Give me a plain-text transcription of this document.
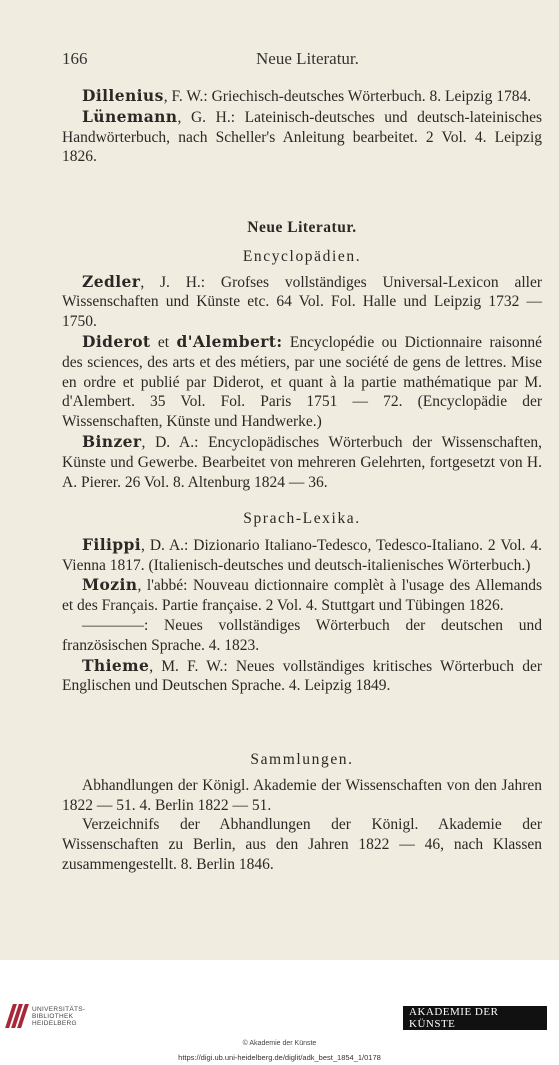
166	Neue Literatur.

Dillenius, F. W.: Griechisch-deutsches Wörterbuch. 8. Leipzig 1784.

Lünemann, G. H.: Lateinisch-deutsches und deutsch-lateinisches Handwörterbuch, nach Scheller's Anleitung bearbeitet. 2 Vol. 4. Leipzig 1826.

Neue Literatur.
Encyclopädien.

Zedler, J. H.: Grofses vollständiges Universal-Lexicon aller Wissenschaften und Künste etc. 64 Vol. Fol. Halle und Leipzig 1732 — 1750.

Diderot et d'Alembert: Encyclopédie ou Dictionnaire raisonné des sciences, des arts et des métiers, par une société de gens de lettres. Mise en ordre et publié par Diderot, et quant à la partie mathématique par M. d'Alembert. 35 Vol. Fol. Paris 1751 — 72. (Encyclopädie der Wissenschaften, Künste und Handwerke.)

Binzer, D. A.: Encyclopädisches Wörterbuch der Wissenschaften, Künste und Gewerbe. Bearbeitet von mehreren Gelehrten, fortgesetzt von H. A. Pierer. 26 Vol. 8. Altenburg 1824 — 36.

Sprach-Lexika.

Filippi, D. A.: Dizionario Italiano-Tedesco, Tedesco-Italiano. 2 Vol. 4. Vienna 1817. (Italienisch-deutsches und deutsch-italienisches Wörterbuch.)

Mozin, l'abbé: Nouveau dictionnaire complèt à l'usage des Allemands et des Français. Partie française. 2 Vol. 4. Stuttgart und Tübingen 1826.

————: Neues vollständiges Wörterbuch der deutschen und französischen Sprache. 4. 1823.

Thieme, M. F. W.: Neues vollständiges kritisches Wörterbuch der Englischen und Deutschen Sprache. 4. Leipzig 1849.

Sammlungen.

Abhandlungen der Königl. Akademie der Wissenschaften von den Jahren 1822 — 51. 4. Berlin 1822 — 51.

Verzeichnifs der Abhandlungen der Königl. Akademie der Wissenschaften zu Berlin, aus den Jahren 1822 — 46, nach Klassen zusammengestellt. 8. Berlin 1846.

UNIVERSITÄTS-
BIBLIOTHEK
HEIDELBERG
AKADEMIE DER KÜNSTE
© Akademie der Künste
https://digi.ub.uni-heidelberg.de/diglit/adk_best_1854_1/0178
